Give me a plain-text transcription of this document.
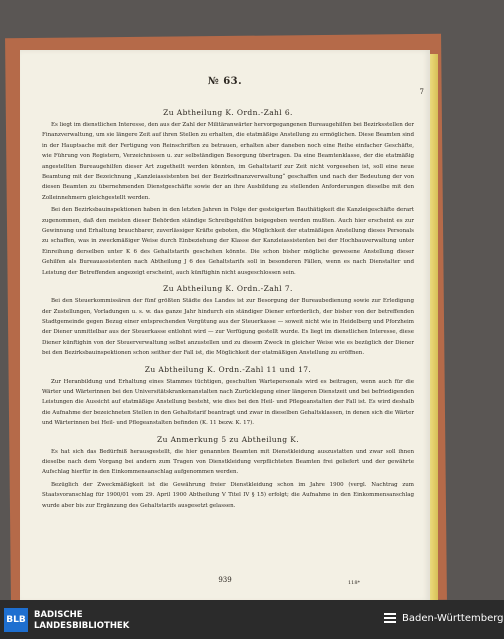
№ 63.
7
Zu Abtheilung K. Ordn.-Zahl 6.

Es liegt im dienstlichen Interesse, den aus der Zahl der Militäranwärter hervorgegangenen Bureaugehilfen bei Bezirksstellen der Finanzverwaltung, um sie längere Zeit auf ihren Stellen zu erhalten, die etatmäßige Anstellung zu ermöglichen. Diese Beamten sind in der Hauptsache mit der Fertigung von Reinschriften zu betrauen, erhalten aber daneben noch eine Reihe einfacher Geschäfte, wie Führung von Registern, Verzeichnissen u. zur selbständigen Besorgung übertragen. Da eine Beamtenklasse, der die etatmäßig angestellten Bureaugehilfen dieser Art zugetheilt werden könnten, im Gehaltstarif zur Zeit nicht vorgesehen ist, soll eine neue Beamtung mit der Bezeichnung „Kanzleiassistenten bei der Bezirksfinanzverwaltung“ geschaffen und nach der Bedeutung der von diesen Beamten zu übernehmenden Dienstgeschäfte sowie der an ihre Ausbildung zu stellenden Anforderungen dieselbe mit den Zolleinnehmern gleichgestellt werden.

Bei den Bezirksbauinspektionen haben in den letzten Jahren in Folge der gesteigerten Bauthätigkeit die Kanzleigeschäfte derart zugenommen, daß den meisten dieser Behörden ständige Schreibgehilfen beigegeben werden mußten. Auch hier erscheint es zur Gewinnung und Erhaltung brauchbarer, zuverlässiger Kräfte geboten, die Möglichkeit der etatmäßigen Anstellung dieses Personals zu schaffen, was in zweckmäßiger Weise durch Einbeziehung der Klasse der Kanzleiassistenten bei der Hochbauverwaltung unter Einreihung derselben unter K 6 des Gehaltstarifs geschehen könnte. Die schon bisher mögliche gewesene Anstellung dieser Gehilfen als Bureauassistenten nach Abtheilung J 6 des Gehaltstarifs soll in besonderen Fällen, wenn es nach Dienstalter und Leistung der Betreffenden angezeigt erscheint, auch künftighin nicht ausgeschlossen sein.

Zu Abtheilung K. Ordn.-Zahl 7.

Bei den Steuerkommissären der fünf größten Städte des Landes ist zur Besorgung der Bureaubedienung sowie zur Erledigung der Zustellungen, Vorladungen u. s. w. das ganze Jahr hindurch ein ständiger Diener erforderlich, der bisher von der betreffenden Stadtgemeinde gegen Bezug einer entsprechenden Vergütung aus der Steuerkasse — soweit nicht wie in Heidelberg und Pforzheim der Diener unmittelbar aus der Steuerkasse entlohnt wird — zur Verfügung gestellt wurde. Es liegt im dienstlichen Interesse, diese Diener künftighin von der Steuerverwaltung selbst anzustellen und zu diesem Zweck in gleicher Weise wie es bezüglich der Diener bei den Bezirksbauinspektionen schon seither der Fall ist, die Möglichkeit der etatmäßigen Anstellung zu eröffnen.

Zu Abtheilung K. Ordn.-Zahl 11 und 17.

Zur Heranbildung und Erhaltung eines Stammes tüchtigen, geschulten Wartepersonals wird es beitragen, wenn auch für die Wärter und Wärterinnen bei den Universitätskrankenanstalten nach Zurücklegung einer längeren Dienstzeit und bei befriedigenden Leistungen die Aussicht auf etatmäßige Anstellung besteht, wie dies bei den Heil- und Pflegeanstalten der Fall ist. Es wird deshalb die Aufnahme der bezeichneten Stellen in den Gehaltstarif beantragt und zwar in dieselben Gehaltsklassen, in denen sich die Wärter und Wärterinnen bei Heil- und Pflegeanstalten befinden (K. 11 bezw. K. 17).

Zu Anmerkung 5 zu Abtheilung K.

Es hat sich das Bedürfniß herausgestellt, die hier genannten Beamten mit Dienstkleidung auszustatten und zwar soll ihnen dieselbe nach dem Vorgang bei andern zum Tragen von Dienstkleidung verpflichteten Beamten frei geliefert und der gewährte Aufschlag hierfür in den Einkommensanschlag aufgenommen werden.

Bezüglich der Zweckmäßigkeit ist die Gewährung freier Dienstkleidung schon im Jahre 1900 (vergl. Nachtrag zum Staatsvoranschlag für 1900/01 vom 29. April 1900 Abtheilung V Titel IV § 15) erfolgt; die Aufnahme in den Einkommensanschlag wurde aber bis zur Ergänzung des Gehaltstarifs ausgesetzt gelassen.

939	118*
BLB BADISCHE
LANDESBIBLIOTHEK
Baden-Württemberg
